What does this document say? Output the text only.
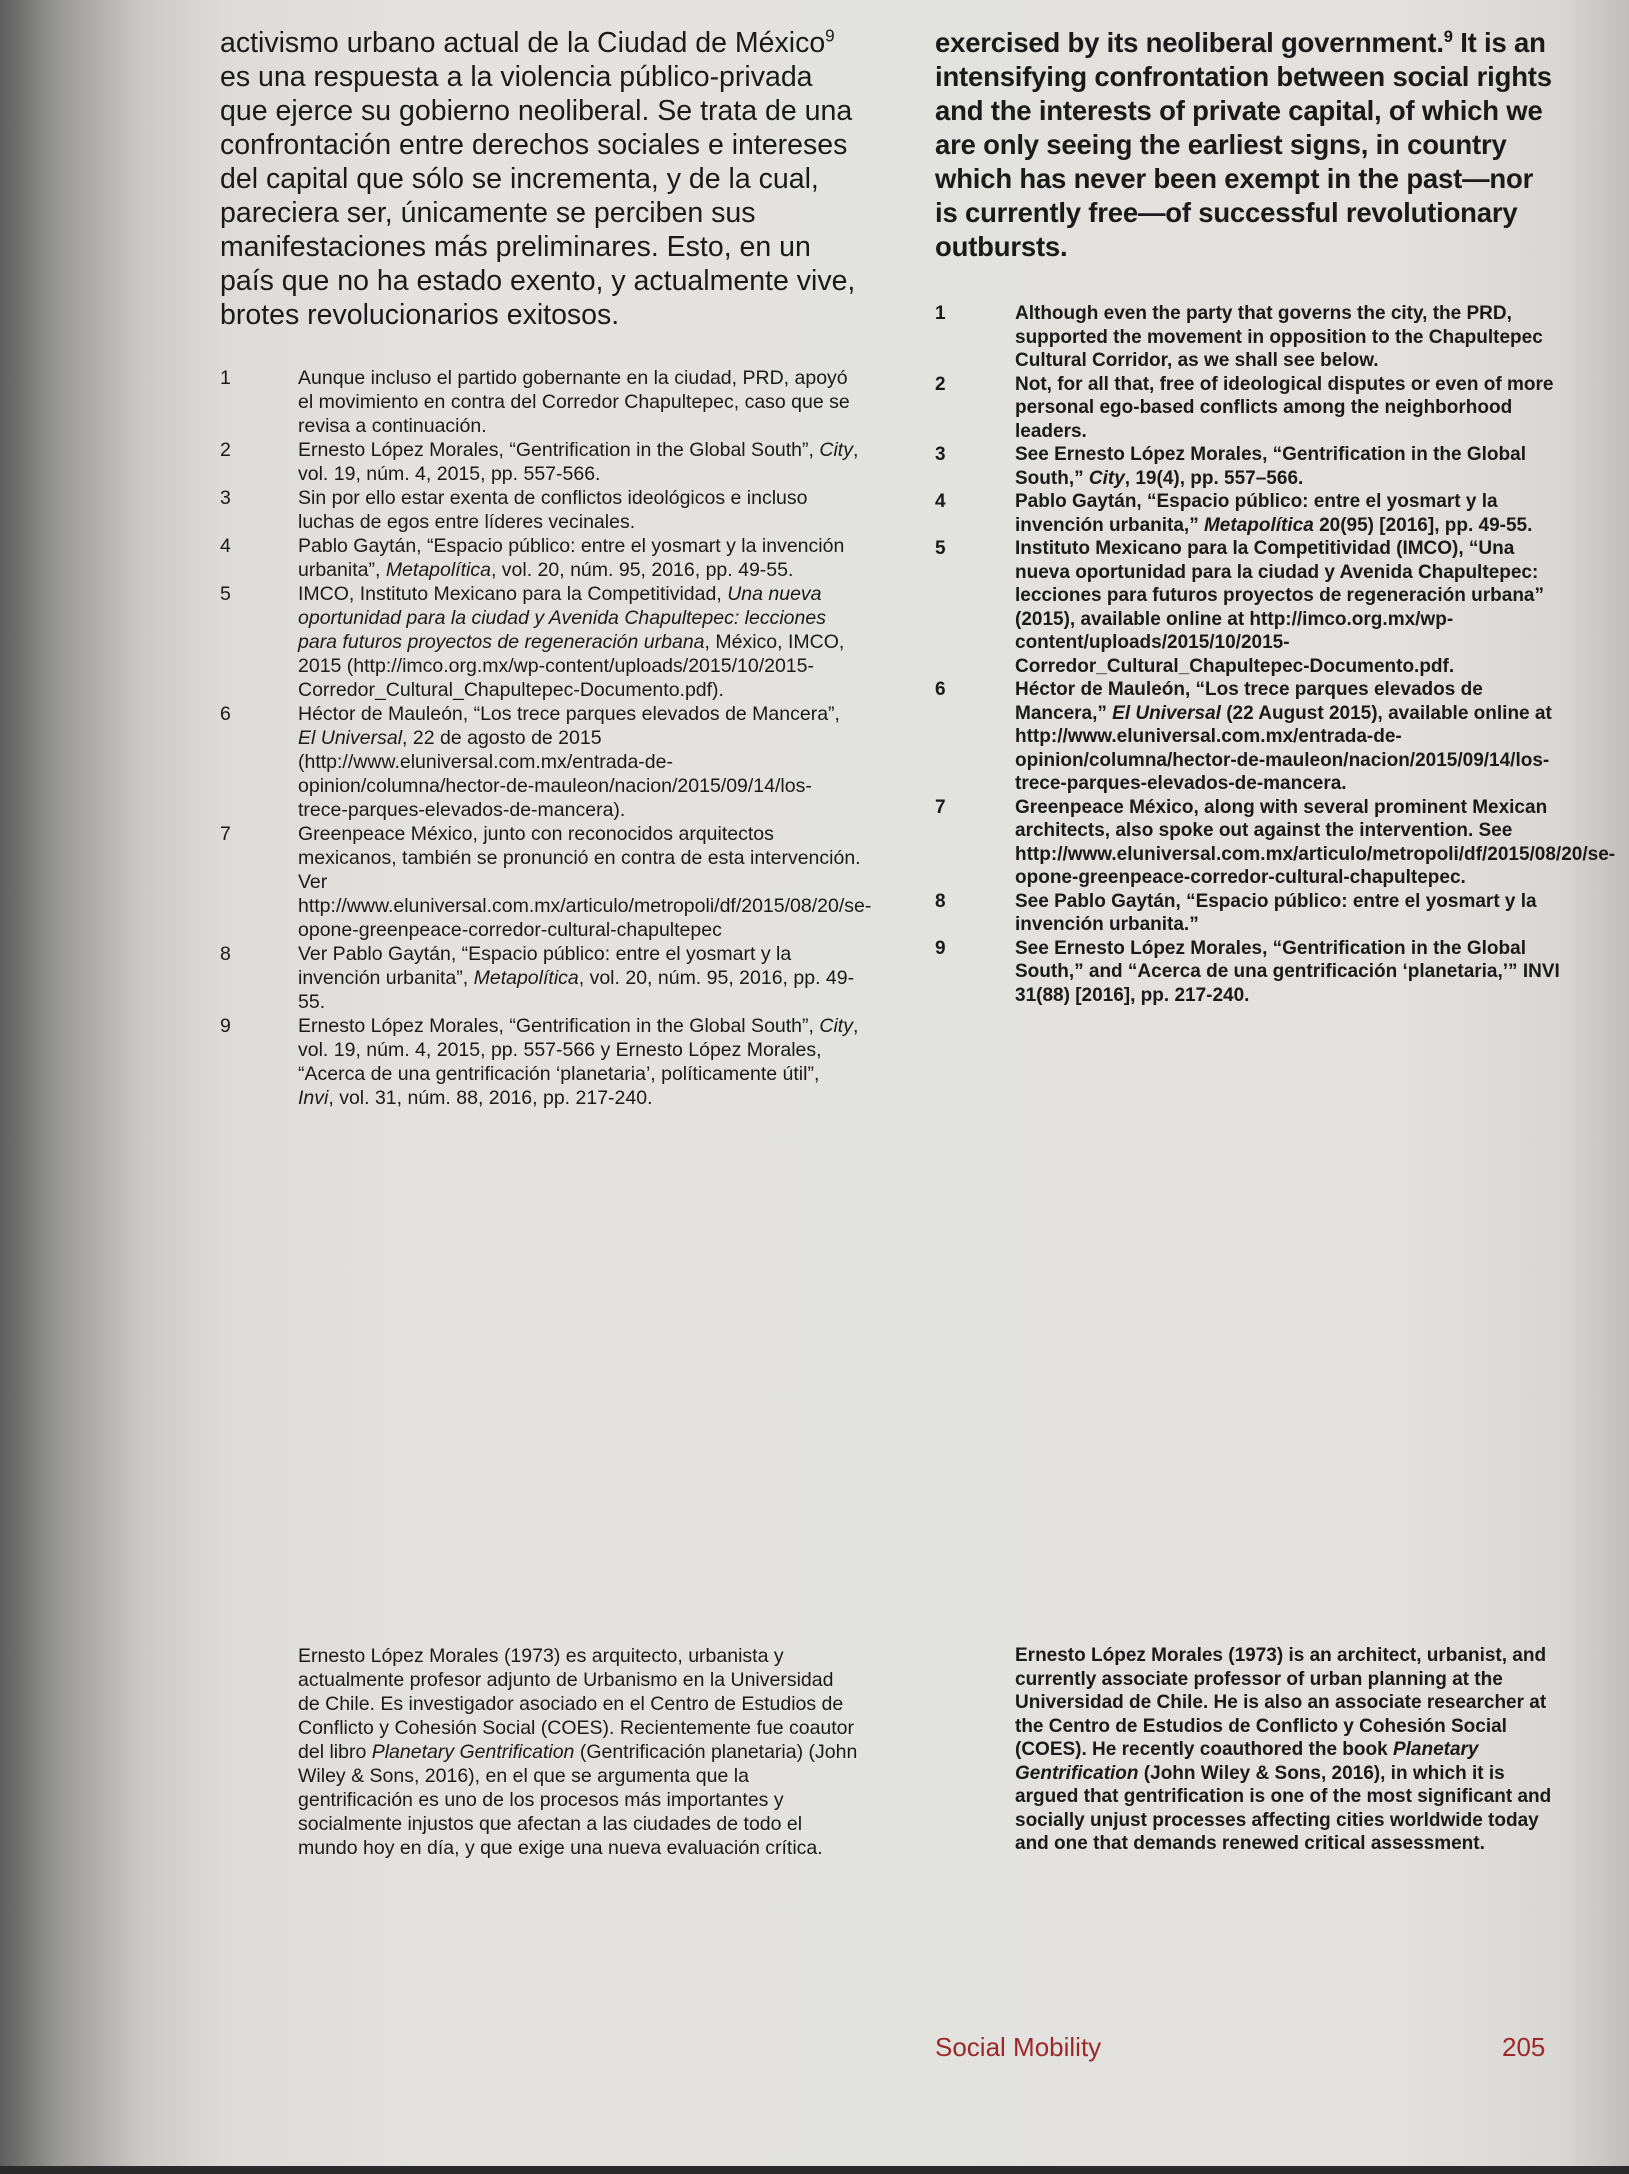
activismo urbano actual de la Ciudad de México$^9$ es una respuesta a la violencia público-privada que ejerce su gobierno neoliberal. Se trata de una confrontación entre derechos sociales e intereses del capital que sólo se incrementa, y de la cual, pareciera ser, únicamente se perciben sus manifestaciones más preliminares. Esto, en un país que no ha estado exento, y actualmente vive, brotes revolucionarios exitosos.

exercised by its neoliberal government.$^9$ It is an intensifying confrontation between social rights and the interests of private capital, of which we are only seeing the earliest signs, in country which has never been exempt in the past—nor is currently free—of successful revolutionary outbursts.

1	Aunque incluso el partido gobernante en la ciudad, PRD, apoyó el movimiento en contra del Corredor Chapultepec, caso que se revisa a continuación.
2	Ernesto López Morales, “Gentrification in the Global South”, City, vol. 19, núm. 4, 2015, pp. 557-566.
3	Sin por ello estar exenta de conflictos ideológicos e incluso luchas de egos entre líderes vecinales.
4	Pablo Gaytán, “Espacio público: entre el yosmart y la invención urbanita”, Metapolítica, vol. 20, núm. 95, 2016, pp. 49-55.
5	IMCO, Instituto Mexicano para la Competitividad, Una nueva oportunidad para la ciudad y Avenida Chapultepec: lecciones para futuros proyectos de regeneración urbana, México, IMCO, 2015 (http://imco.org.mx/wp-content/uploads/2015/10/2015-Corredor_Cultural_Chapultepec-Documento.pdf).
6	Héctor de Mauleón, “Los trece parques elevados de Mancera”, El Universal, 22 de agosto de 2015 (http://www.eluniversal.com.mx/entrada-de-opinion/columna/hector-de-mauleon/nacion/2015/09/14/los-trece-parques-elevados-de-mancera).
7	Greenpeace México, junto con reconocidos arquitectos mexicanos, también se pronunció en contra de esta intervención. Ver http://www.eluniversal.com.mx/articulo/metropoli/df/2015/08/20/se-opone-greenpeace-corredor-cultural-chapultepec
8	Ver Pablo Gaytán, “Espacio público: entre el yosmart y la invención urbanita”, Metapolítica, vol. 20, núm. 95, 2016, pp. 49-55.
9	Ernesto López Morales, “Gentrification in the Global South”, City, vol. 19, núm. 4, 2015, pp. 557-566 y Ernesto López Morales, “Acerca de una gentrificación ‘planetaria’, políticamente útil”, Invi, vol. 31, núm. 88, 2016, pp. 217-240.
1	Although even the party that governs the city, the PRD, supported the movement in opposition to the Chapultepec Cultural Corridor, as we shall see below.
2	Not, for all that, free of ideological disputes or even of more personal ego-based conflicts among the neighborhood leaders.
3	See Ernesto López Morales, “Gentrification in the Global South,” City, 19(4), pp. 557–566.
4	Pablo Gaytán, “Espacio público: entre el yosmart y la invención urbanita,” Metapolítica 20(95) [2016], pp. 49-55.
5	Instituto Mexicano para la Competitividad (IMCO), “Una nueva oportunidad para la ciudad y Avenida Chapultepec: lecciones para futuros proyectos de regeneración urbana” (2015), available online at http://imco.org.mx/wp-content/uploads/2015/10/2015-Corredor_Cultural_Chapultepec-Documento.pdf.
6	Héctor de Mauleón, “Los trece parques elevados de Mancera,” El Universal (22 August 2015), available online at http://www.eluniversal.com.mx/entrada-de-opinion/columna/hector-de-mauleon/nacion/2015/09/14/los-trece-parques-elevados-de-mancera.
7	Greenpeace México, along with several prominent Mexican architects, also spoke out against the intervention. See http://www.eluniversal.com.mx/articulo/metropoli/df/2015/08/20/se-opone-greenpeace-corredor-cultural-chapultepec.
8	See Pablo Gaytán, “Espacio público: entre el yosmart y la invención urbanita.”
9	See Ernesto López Morales, “Gentrification in the Global South,” and “Acerca de una gentrificación ‘planetaria,’” INVI 31(88) [2016], pp. 217-240.

Ernesto López Morales (1973) es arquitecto, urbanista y actualmente profesor adjunto de Urbanismo en la Universidad de Chile. Es investigador asociado en el Centro de Estudios de Conflicto y Cohesión Social (COES). Recientemente fue coautor del libro Planetary Gentrification (Gentrificación planetaria) (John Wiley & Sons, 2016), en el que se argumenta que la gentrificación es uno de los procesos más importantes y socialmente injustos que afectan a las ciudades de todo el mundo hoy en día, y que exige una nueva evaluación crítica.

Ernesto López Morales (1973) is an architect, urbanist, and currently associate professor of urban planning at the Universidad de Chile. He is also an associate researcher at the Centro de Estudios de Conflicto y Cohesión Social (COES). He recently coauthored the book Planetary Gentrification (John Wiley & Sons, 2016), in which it is argued that gentrification is one of the most significant and socially unjust processes affecting cities worldwide today and one that demands renewed critical assessment.

Social Mobility	205
